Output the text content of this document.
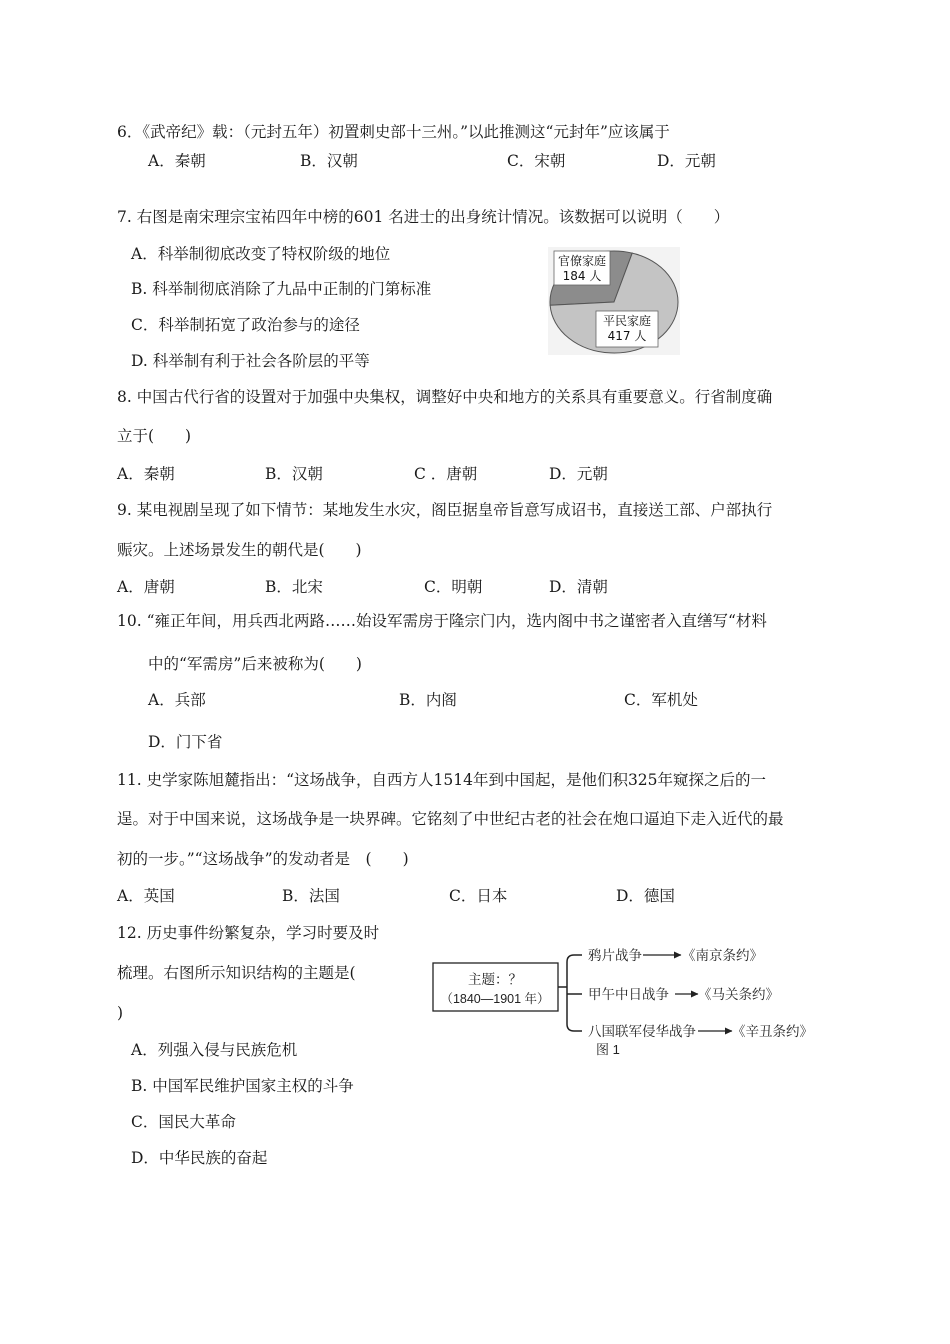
6．《武帝纪》载：（元封五年）初置刺史部十三州。”以此推测这“元封年”应该属于
A．秦朝	B．汉朝	C．宋朝	D．元朝
7. 右图是南宋理宗宝祐四年中榜的601 名进士的出身统计情况。该数据可以说明（　　）
A．科举制彻底改变了特权阶级的地位
B. 科举制彻底消除了九品中正制的门第标准
C．科举制拓宽了政治参与的途径
D. 科举制有利于社会各阶层的平等
官僚家庭
184 人
平民家庭
417 人
8. 中国古代行省的设置对于加强中央集权，调整好中央和地方的关系具有重要意义。行省制度确
立于(　　)
A．秦朝	B．汉朝	C ．唐朝	D．元朝
9. 某电视剧呈现了如下情节：某地发生水灾，阁臣据皇帝旨意写成诏书，直接送工部、户部执行
赈灾。上述场景发生的朝代是(　　)
A．唐朝	B．北宋	C．明朝	D．清朝
10. “雍正年间，用兵西北两路……始设军需房于隆宗门内，选内阁中书之谨密者入直缮写“材料
中的“军需房”后来被称为(　　)
A．兵部	B．内阁	C．军机处
D．门下省
11. 史学家陈旭麓指出：“这场战争，自西方人1514年到中国起，是他们积325年窥探之后的一
逞。对于中国来说，这场战争是一块界碑。它铭刻了中世纪古老的社会在炮口逼迫下走入近代的最
初的一步。”“这场战争”的发动者是　(　　)
A．英国	B．法国	C．日本	D．德国
12. 历史事件纷繁复杂，学习时要及时
梳理。右图所示知识结构的主题是(
)
A．列强入侵与民族危机
B. 中国军民维护国家主权的斗争
C．国民大革命
D．中华民族的奋起
主题：？
（1840—1901 年）
鸦片战争	《南京条约》
甲午中日战争 《马关条约》
八国联军侵华战争	《辛丑条约》
图 1
